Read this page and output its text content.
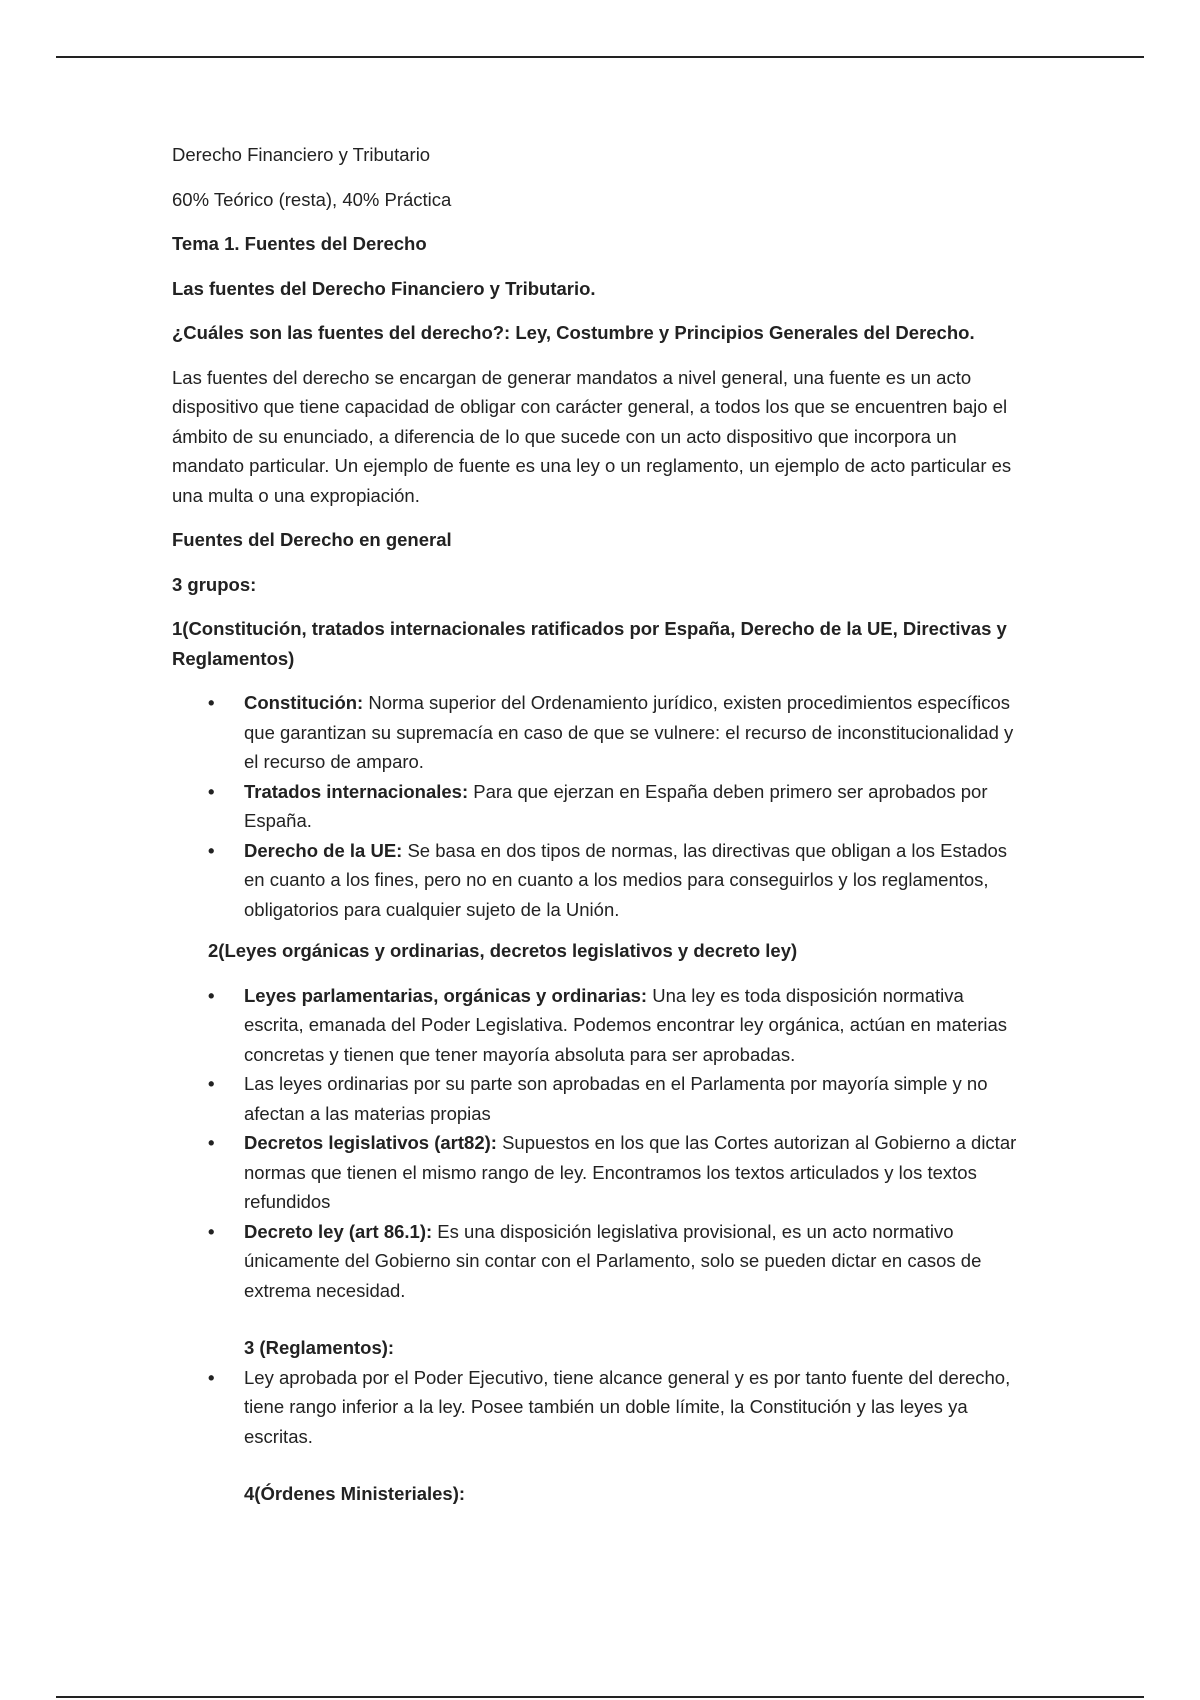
Derecho Financiero y Tributario

60% Teórico (resta), 40% Práctica

Tema 1. Fuentes del Derecho

Las fuentes del Derecho Financiero y Tributario.

¿Cuáles son las fuentes del derecho?: Ley, Costumbre y Principios Generales del Derecho.

Las fuentes del derecho se encargan de generar mandatos a nivel general, una fuente es un acto dispositivo que tiene capacidad de obligar con carácter general, a todos los que se encuentren bajo el ámbito de su enunciado, a diferencia de lo que sucede con un acto dispositivo que incorpora un mandato particular. Un ejemplo de fuente es una ley o un reglamento, un ejemplo de acto particular es una multa o una expropiación.

Fuentes del Derecho en general

3 grupos:

1(Constitución, tratados internacionales ratificados por España, Derecho de la UE, Directivas y Reglamentos)

• Constitución: Norma superior del Ordenamiento jurídico, existen procedimientos específicos que garantizan su supremacía en caso de que se vulnere: el recurso de inconstitucionalidad y el recurso de amparo.
• Tratados internacionales: Para que ejerzan en España deben primero ser aprobados por España.
• Derecho de la UE: Se basa en dos tipos de normas, las directivas que obligan a los Estados en cuanto a los fines, pero no en cuanto a los medios para conseguirlos y los reglamentos, obligatorios para cualquier sujeto de la Unión.

2(Leyes orgánicas y ordinarias, decretos legislativos y decreto ley)

• Leyes parlamentarias, orgánicas y ordinarias: Una ley es toda disposición normativa escrita, emanada del Poder Legislativa. Podemos encontrar ley orgánica, actúan en materias concretas y tienen que tener mayoría absoluta para ser aprobadas.
• Las leyes ordinarias por su parte son aprobadas en el Parlamenta por mayoría simple y no afectan a las materias propias
• Decretos legislativos (art82): Supuestos en los que las Cortes autorizan al Gobierno a dictar normas que tienen el mismo rango de ley. Encontramos los textos articulados y los textos refundidos
• Decreto ley (art 86.1): Es una disposición legislativa provisional, es un acto normativo únicamente del Gobierno sin contar con el Parlamento, solo se pueden dictar en casos de extrema necesidad.

3 (Reglamentos):

• Ley aprobada por el Poder Ejecutivo, tiene alcance general y es por tanto fuente del derecho, tiene rango inferior a la ley. Posee también un doble límite, la Constitución y las leyes ya escritas.

4(Órdenes Ministeriales):
